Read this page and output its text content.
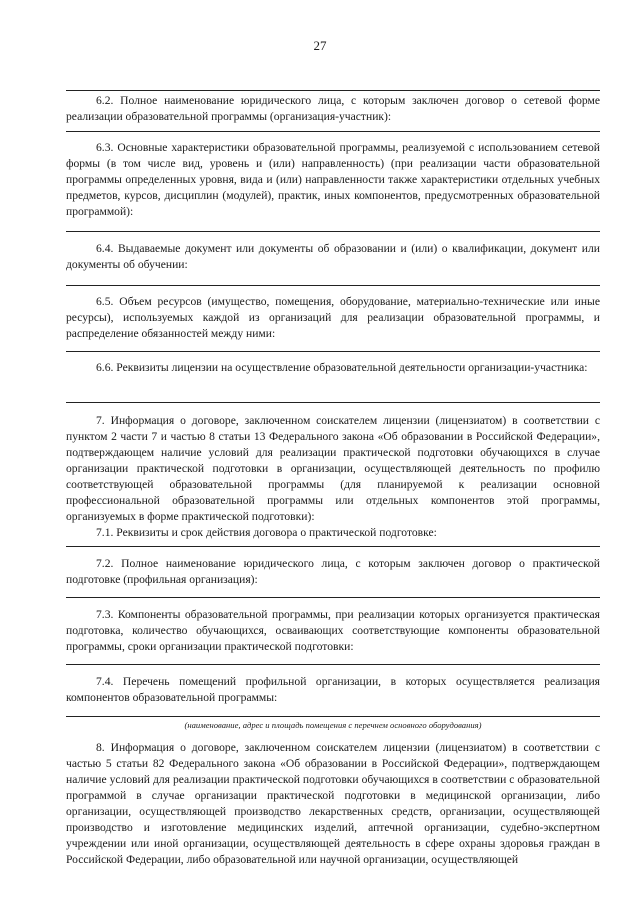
27

6.2. Полное наименование юридического лица, с которым заключен договор о сетевой форме реализации образовательной программы (организация-участник):

6.3. Основные характеристики образовательной программы, реализуемой с использованием сетевой формы (в том числе вид, уровень и (или) направленность) (при реализации части образовательной программы определенных уровня, вида и (или) направленности также характеристики отдельных учебных предметов, курсов, дисциплин (модулей), практик, иных компонентов, предусмотренных образовательной программой):

6.4. Выдаваемые документ или документы об образовании и (или) о квалификации, документ или документы об обучении:

6.5. Объем ресурсов (имущество, помещения, оборудование, материально-технические или иные ресурсы), используемых каждой из организаций для реализации образовательной программы, и распределение обязанностей между ними:

6.6. Реквизиты лицензии на осуществление образовательной деятельности организации-участника:

7. Информация о договоре, заключенном соискателем лицензии (лицензиатом) в соответствии с пунктом 2 части 7 и частью 8 статьи 13 Федерального закона «Об образовании в Российской Федерации», подтверждающем наличие условий для реализации практической подготовки обучающихся в случае организации практической подготовки в организации, осуществляющей деятельность по профилю соответствующей образовательной программы (для планируемой к реализации основной профессиональной образовательной программы или отдельных компонентов этой программы, организуемых в форме практической подготовки):

7.1. Реквизиты и срок действия договора о практической подготовке:

7.2. Полное наименование юридического лица, с которым заключен договор о практической подготовке (профильная организация):

7.3. Компоненты образовательной программы, при реализации которых организуется практическая подготовка, количество обучающихся, осваивающих соответствующие компоненты образовательной программы, сроки организации практической подготовки:

7.4. Перечень помещений профильной организации, в которых осуществляется реализация компонентов образовательной программы:

(наименование, адрес и площадь помещения с перечнем основного оборудования)

8. Информация о договоре, заключенном соискателем лицензии (лицензиатом) в соответствии с частью 5 статьи 82 Федерального закона «Об образовании в Российской Федерации», подтверждающем наличие условий для реализации практической подготовки обучающихся в соответствии с образовательной программой в случае организации практической подготовки в медицинской организации, либо организации, осуществляющей производство лекарственных средств, организации, осуществляющей производство и изготовление медицинских изделий, аптечной организации, судебно-экспертном учреждении или иной организации, осуществляющей деятельность в сфере охраны здоровья граждан в Российской Федерации, либо образовательной или научной организации, осуществляющей
